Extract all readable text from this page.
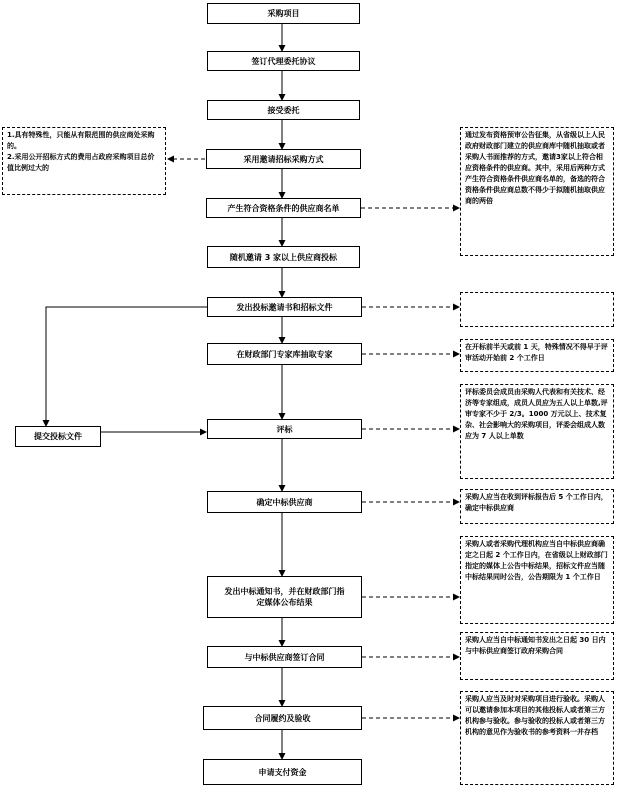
采购项目
签订代理委托协议
接受委托
采用邀请招标采购方式
产生符合资格条件的供应商名单
随机邀请 3 家以上供应商投标
发出投标邀请书和招标文件
在财政部门专家库抽取专家
评标
确定中标供应商
发出中标通知书，并在财政部门指定媒体公布结果
与中标供应商签订合同
合同履约及验收
申请支付资金
提交投标文件
1.具有特殊性，只能从有限范围的供应商处采购的。
2.采用公开招标方式的费用占政府采购项目总价值比例过大的
通过发布资格预审公告征集，从省级以上人民政府财政部门建立的供应商库中随机抽取或者采购人书面推荐的方式，邀请3家以上符合相应资格条件的供应商。其中，采用后两种方式产生符合资格条件供应商名单的，备选的符合资格条件供应商总数不得少于拟随机抽取供应商的两倍
在开标前半天或前 1 天，特殊情况不得早于评审活动开始前 2 个工作日
评标委员会成员由采购人代表和有关技术、经济等专家组成，成员人员应为五人以上单数,评审专家不少于 2/3。1000 万元以上、技术复杂、社会影响大的采购项目，评委会组成人数应为 7 人以上单数
采购人应当在收到评标报告后 5 个工作日内，确定中标供应商
采购人或者采购代理机构应当自中标供应商确定之日起 2 个工作日内，在省级以上财政部门指定的媒体上公告中标结果，招标文件应当随中标结果同时公告，公告期限为 1 个工作日
采购人应当自中标通知书发出之日起 30 日内与中标供应商签订政府采购合同
采购人应当及时对采购项目进行验收。采购人可以邀请参加本项目的其他投标人或者第三方机构参与验收。参与验收的投标人或者第三方机构的意见作为验收书的参考资料一并存档
